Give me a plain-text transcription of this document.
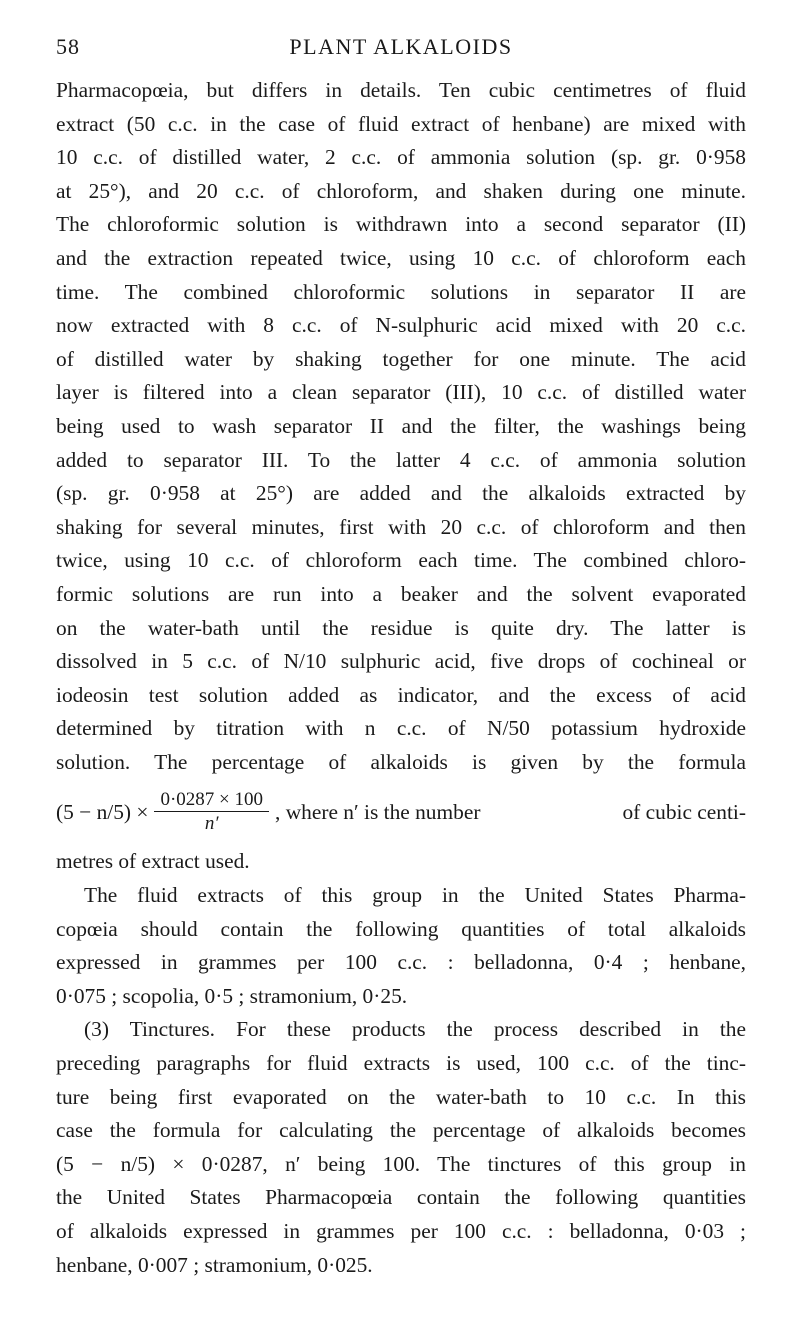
58	PLANT ALKALOIDS
Pharmacopœia, but differs in details. Ten cubic centimetres of fluid
extract (50 c.c. in the case of fluid extract of henbane) are mixed with
10 c.c. of distilled water, 2 c.c. of ammonia solution (sp. gr. 0·958
at 25°), and 20 c.c. of chloroform, and shaken during one minute.
The chloroformic solution is withdrawn into a second separator (II)
and the extraction repeated twice, using 10 c.c. of chloroform each
time. The combined chloroformic solutions in separator II are
now extracted with 8 c.c. of N-sulphuric acid mixed with 20 c.c.
of distilled water by shaking together for one minute. The acid
layer is filtered into a clean separator (III), 10 c.c. of distilled water
being used to wash separator II and the filter, the washings being
added to separator III. To the latter 4 c.c. of ammonia solution
(sp. gr. 0·958 at 25°) are added and the alkaloids extracted by
shaking for several minutes, first with 20 c.c. of chloroform and then
twice, using 10 c.c. of chloroform each time. The combined chloro-
formic solutions are run into a beaker and the solvent evaporated
on the water-bath until the residue is quite dry. The latter is
dissolved in 5 c.c. of N/10 sulphuric acid, five drops of cochineal or
iodeosin test solution added as indicator, and the excess of acid
determined by titration with n c.c. of N/50 potassium hydroxide
solution. The percentage of alkaloids is given by the formula
$(5 - n/5) \times \frac{0\cdot 0287 \times 100}{n'}$ , where n′ is the number	of cubic centi-
metres of extract used.
The fluid extracts of this group in the United States Pharma-
copœia should contain the following quantities of total alkaloids
expressed in grammes per 100 c.c. : belladonna, 0·4 ; henbane,
0·075 ; scopolia, 0·5 ; stramonium, 0·25.
(3) Tinctures. For these products the process described in the
preceding paragraphs for fluid extracts is used, 100 c.c. of the tinc-
ture being first evaporated on the water-bath to 10 c.c. In this
case the formula for calculating the percentage of alkaloids becomes
(5 − n/5) × 0·0287, n′ being 100. The tinctures of this group in
the United States Pharmacopœia contain the following quantities
of alkaloids expressed in grammes per 100 c.c. : belladonna, 0·03 ;
henbane, 0·007 ; stramonium, 0·025.
